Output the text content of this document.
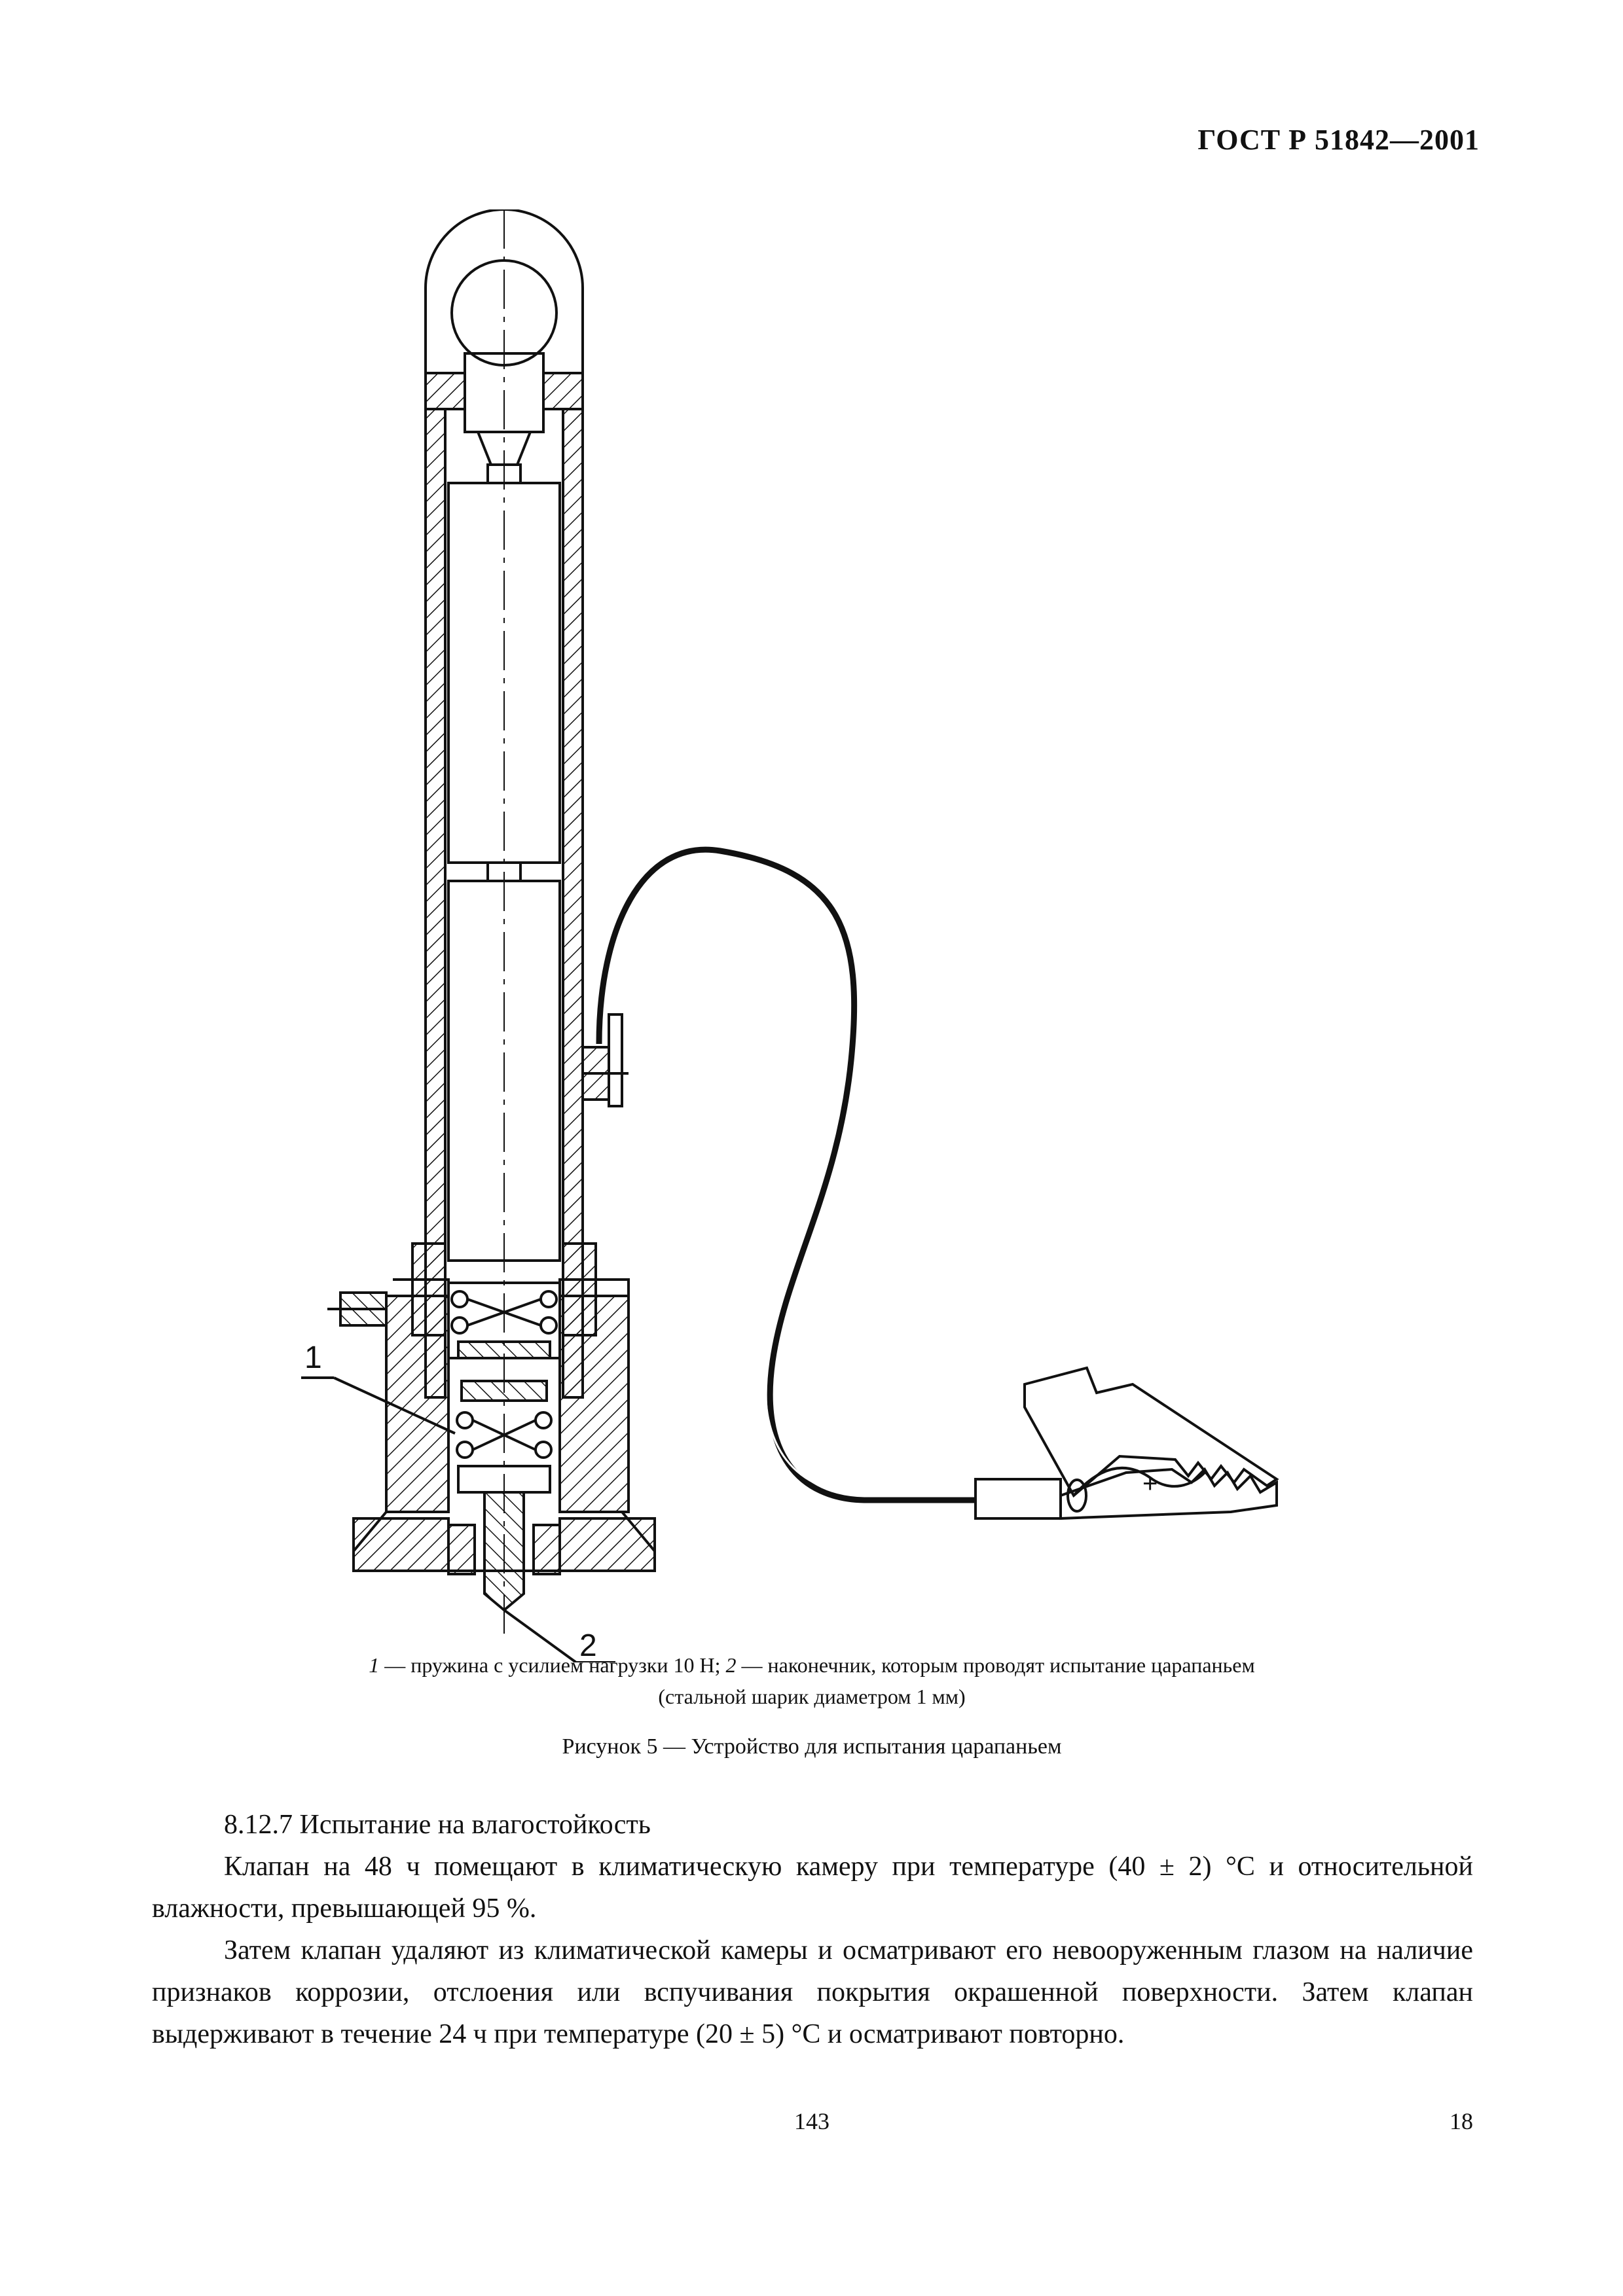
ГОСТ Р 51842—2001
1
2
+
1 — пружина с усилием нагрузки 10 Н; 2 — наконечник, которым проводят испытание царапаньем
(стальной шарик диаметром 1 мм)
Рисунок 5 — Устройство для испытания царапаньем

8.12.7 Испытание на влагостойкость

Клапан на 48 ч помещают в климатическую камеру при температуре (40 ± 2) °С и относительной влажности, превышающей 95 %.

Затем клапан удаляют из климатической камеры и осматривают его невооруженным глазом на наличие признаков коррозии, отслоения или вспучивания покрытия окрашенной поверхности. Затем клапан выдерживают в течение 24 ч при температуре (20 ± 5) °С и осматривают повторно.

143	18
